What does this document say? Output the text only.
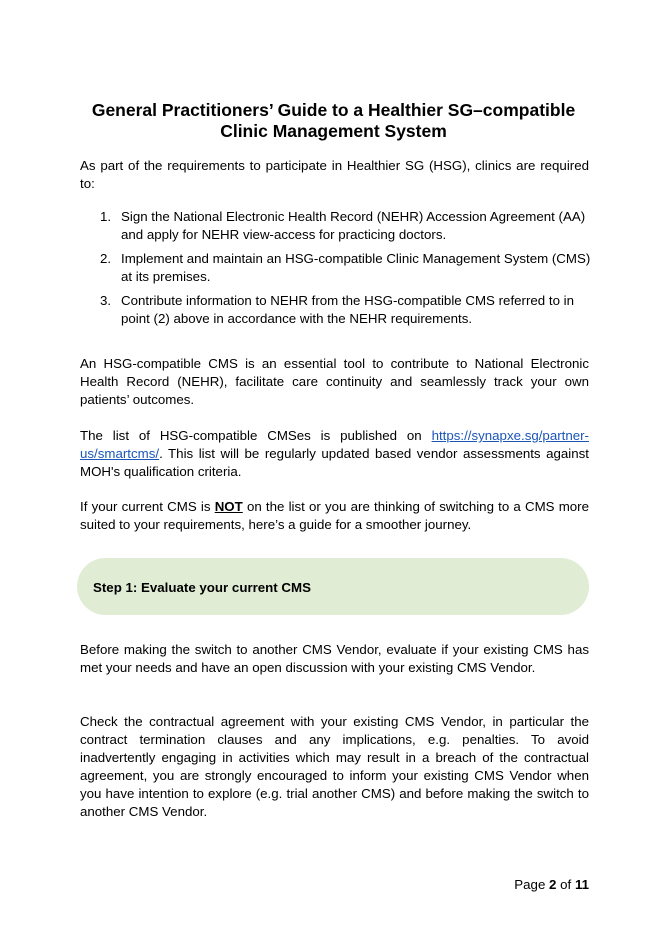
General Practitioners’ Guide to a Healthier SG–compatible
Clinic Management System
As part of the requirements to participate in Healthier SG (HSG), clinics are required to:
1. Sign the National Electronic Health Record (NEHR) Accession Agreement (AA) and apply for NEHR view-access for practicing doctors.
2. Implement and maintain an HSG-compatible Clinic Management System (CMS) at its premises.
3. Contribute information to NEHR from the HSG-compatible CMS referred to in point (2) above in accordance with the NEHR requirements.
An HSG-compatible CMS is an essential tool to contribute to National Electronic Health Record (NEHR), facilitate care continuity and seamlessly track your own patients’ outcomes.
The list of HSG-compatible CMSes is published on https://synapxe.sg/partner-us/smartcms/. This list will be regularly updated based vendor assessments against MOH's qualification criteria.
If your current CMS is NOT on the list or you are thinking of switching to a CMS more suited to your requirements, here’s a guide for a smoother journey.
Step 1: Evaluate your current CMS
Before making the switch to another CMS Vendor, evaluate if your existing CMS has met your needs and have an open discussion with your existing CMS Vendor.
Check the contractual agreement with your existing CMS Vendor, in particular the contract termination clauses and any implications, e.g. penalties. To avoid inadvertently engaging in activities which may result in a breach of the contractual agreement, you are strongly encouraged to inform your existing CMS Vendor when you have intention to explore (e.g. trial another CMS) and before making the switch to another CMS Vendor.
Page 2 of 11
